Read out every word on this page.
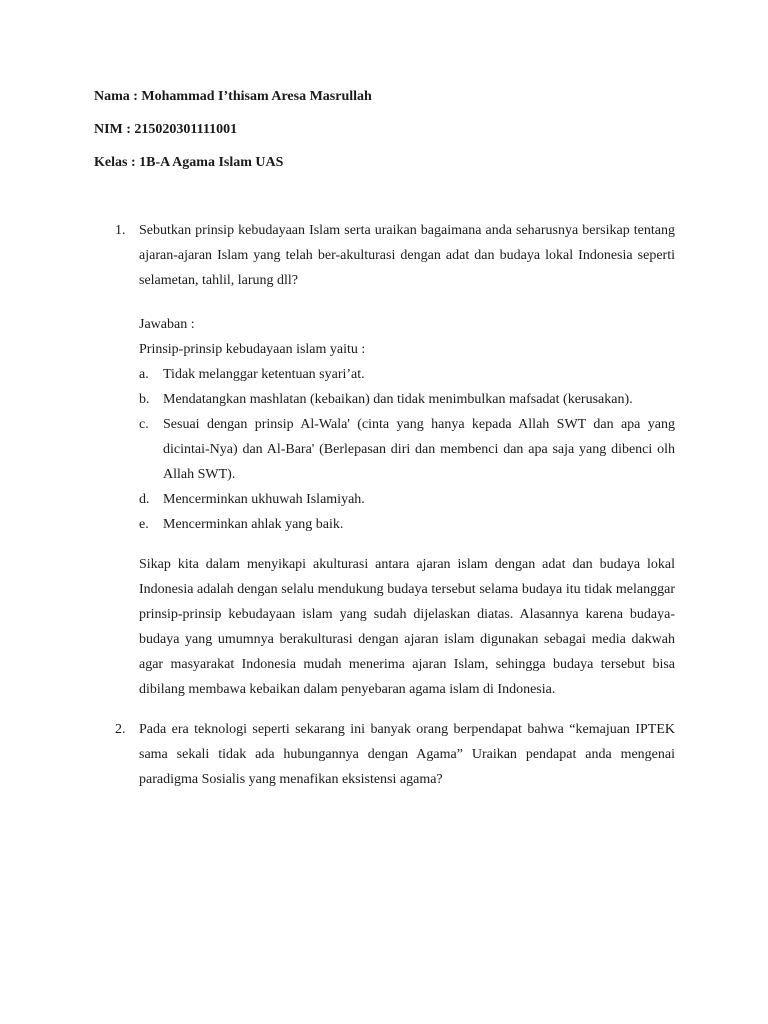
Nama : Mohammad I’thisam Aresa Masrullah
NIM : 215020301111001
Kelas : 1B-A Agama Islam UAS
1. Sebutkan prinsip kebudayaan Islam serta uraikan bagaimana anda seharusnya bersikap tentang ajaran-ajaran Islam yang telah ber-akulturasi dengan adat dan budaya lokal Indonesia seperti selametan, tahlil, larung dll?
Jawaban :
Prinsip-prinsip kebudayaan islam yaitu :
a. Tidak melanggar ketentuan syari’at.
b. Mendatangkan mashlatan (kebaikan) dan tidak menimbulkan mafsadat (kerusakan).
c. Sesuai dengan prinsip Al-Wala' (cinta yang hanya kepada Allah SWT dan apa yang dicintai-Nya) dan Al-Bara' (Berlepasan diri dan membenci dan apa saja yang dibenci olh Allah SWT).
d. Mencerminkan ukhuwah Islamiyah.
e. Mencerminkan ahlak yang baik.
Sikap kita dalam menyikapi akulturasi antara ajaran islam dengan adat dan budaya lokal Indonesia adalah dengan selalu mendukung budaya tersebut selama budaya itu tidak melanggar prinsip-prinsip kebudayaan islam yang sudah dijelaskan diatas. Alasannya karena budaya-budaya yang umumnya berakulturasi dengan ajaran islam digunakan sebagai media dakwah agar masyarakat Indonesia mudah menerima ajaran Islam, sehingga budaya tersebut bisa dibilang membawa kebaikan dalam penyebaran agama islam di Indonesia.
2. Pada era teknologi seperti sekarang ini banyak orang berpendapat bahwa “kemajuan IPTEK sama sekali tidak ada hubungannya dengan Agama” Uraikan pendapat anda mengenai paradigma Sosialis yang menafikan eksistensi agama?
